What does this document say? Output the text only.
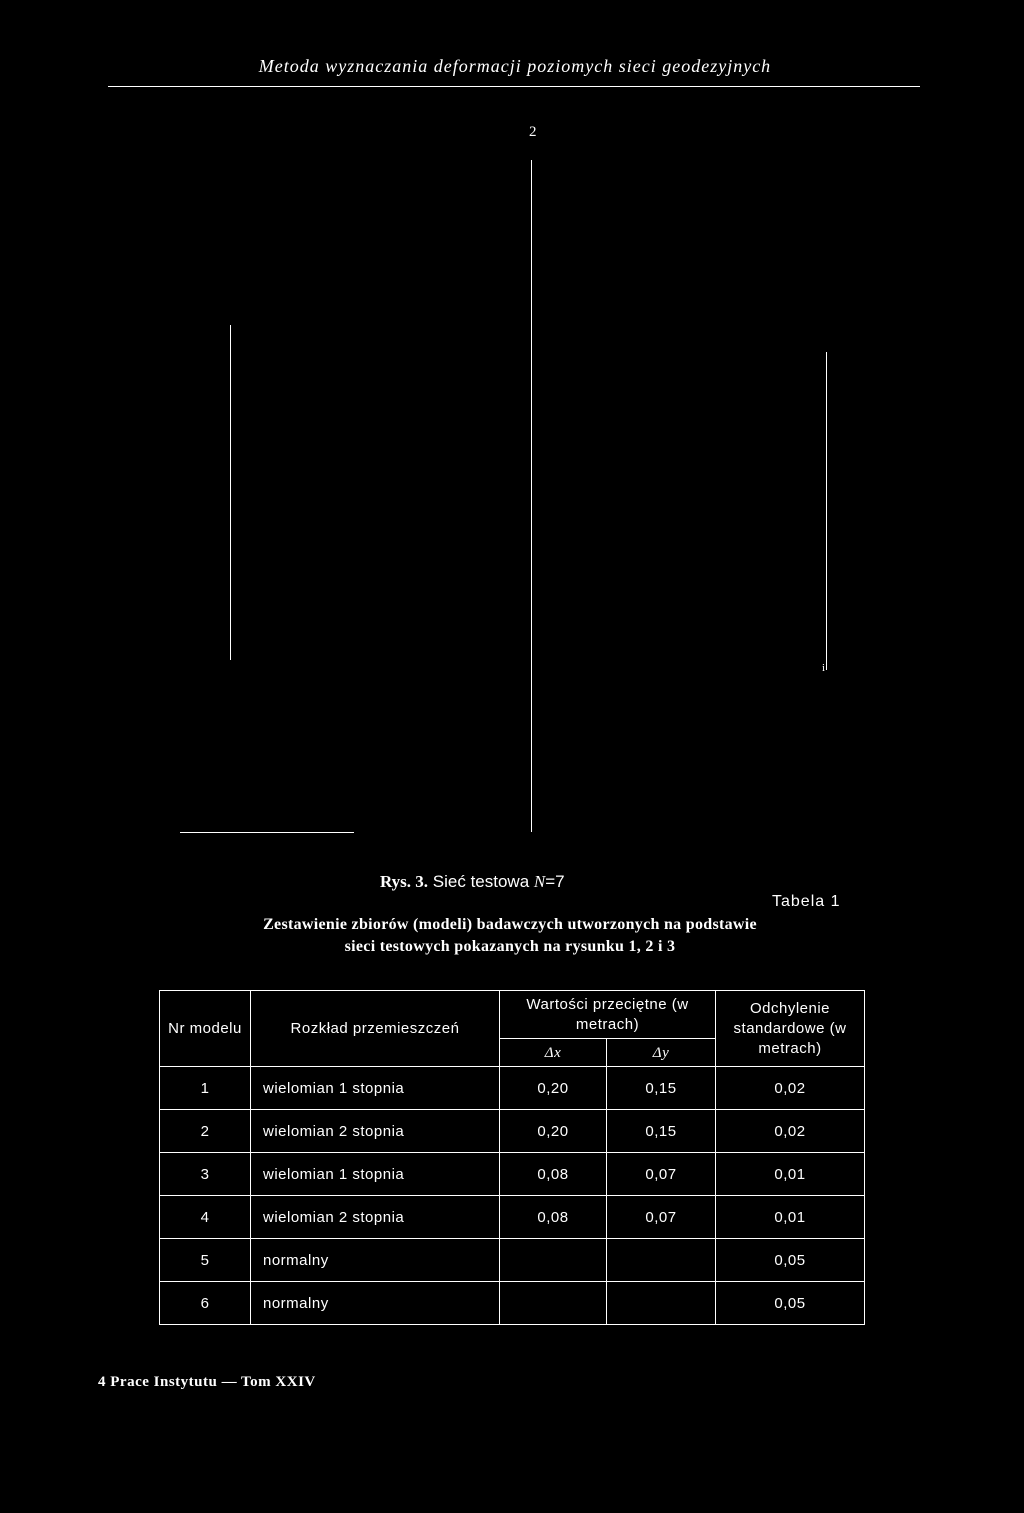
Metoda wyznaczania deformacji poziomych sieci geodezyjnych
2
i
Rys. 3. Sieć testowa N=7
Tabela 1
Zestawienie zbiorów (modeli) badawczych utworzonych na podstawie
sieci testowych pokazanych na rysunku 1, 2 i 3
Nr modelu	Rozkład przemieszczeń	Wartości przeciętne (w metrach)		Odchylenie standardowe (w metrach)
		Δx	Δy	
1	wielomian 1 stopnia	0,20	0,15	0,02
2	wielomian 2 stopnia	0,20	0,15	0,02
3	wielomian 1 stopnia	0,08	0,07	0,01
4	wielomian 2 stopnia	0,08	0,07	0,01
5	normalny			0,05
6	normalny			0,05
4 Prace Instytutu — Tom XXIV
